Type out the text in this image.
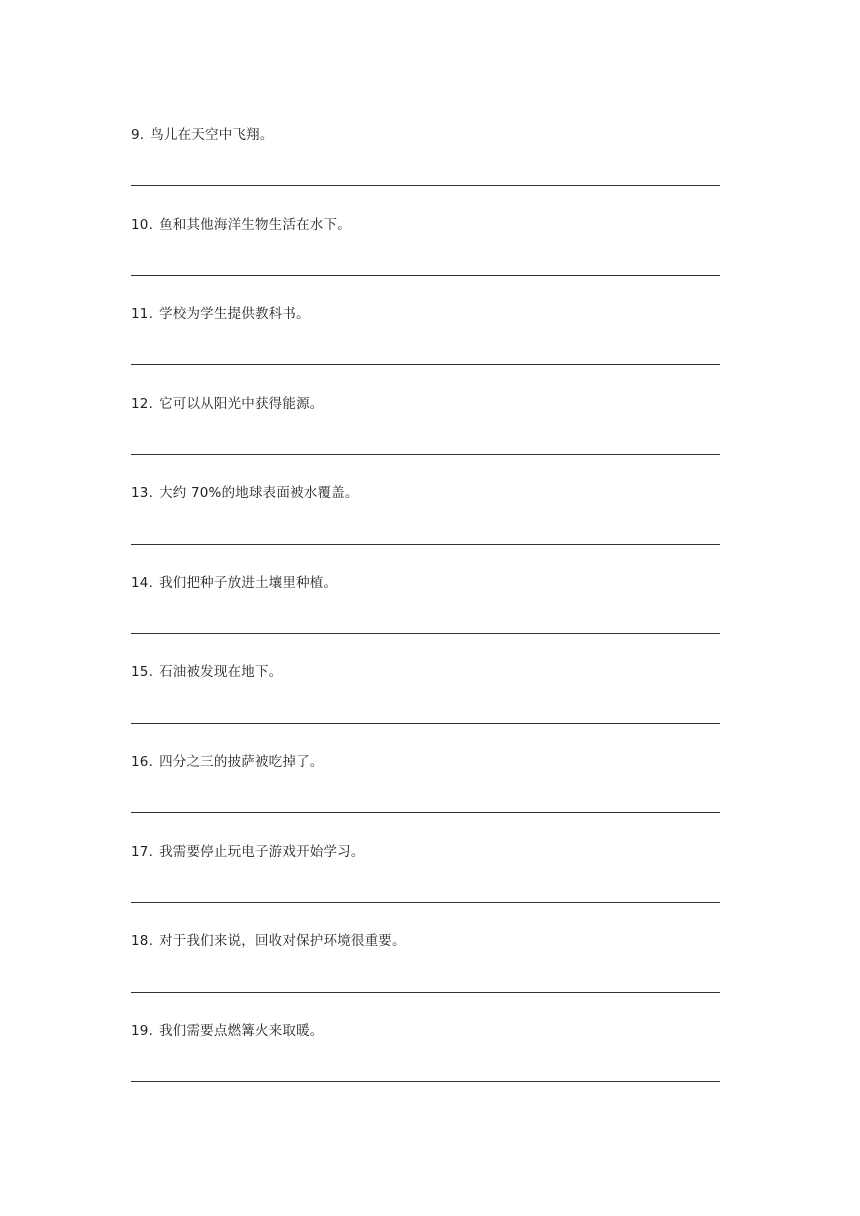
9. 鸟儿在天空中飞翔。
10. 鱼和其他海洋生物生活在水下。
11. 学校为学生提供教科书。
12. 它可以从阳光中获得能源。
13. 大约 70%的地球表面被水覆盖。
14. 我们把种子放进土壤里种植。
15. 石油被发现在地下。
16. 四分之三的披萨被吃掉了。
17. 我需要停止玩电子游戏开始学习。
18. 对于我们来说，回收对保护环境很重要。
19. 我们需要点燃篝火来取暖。
